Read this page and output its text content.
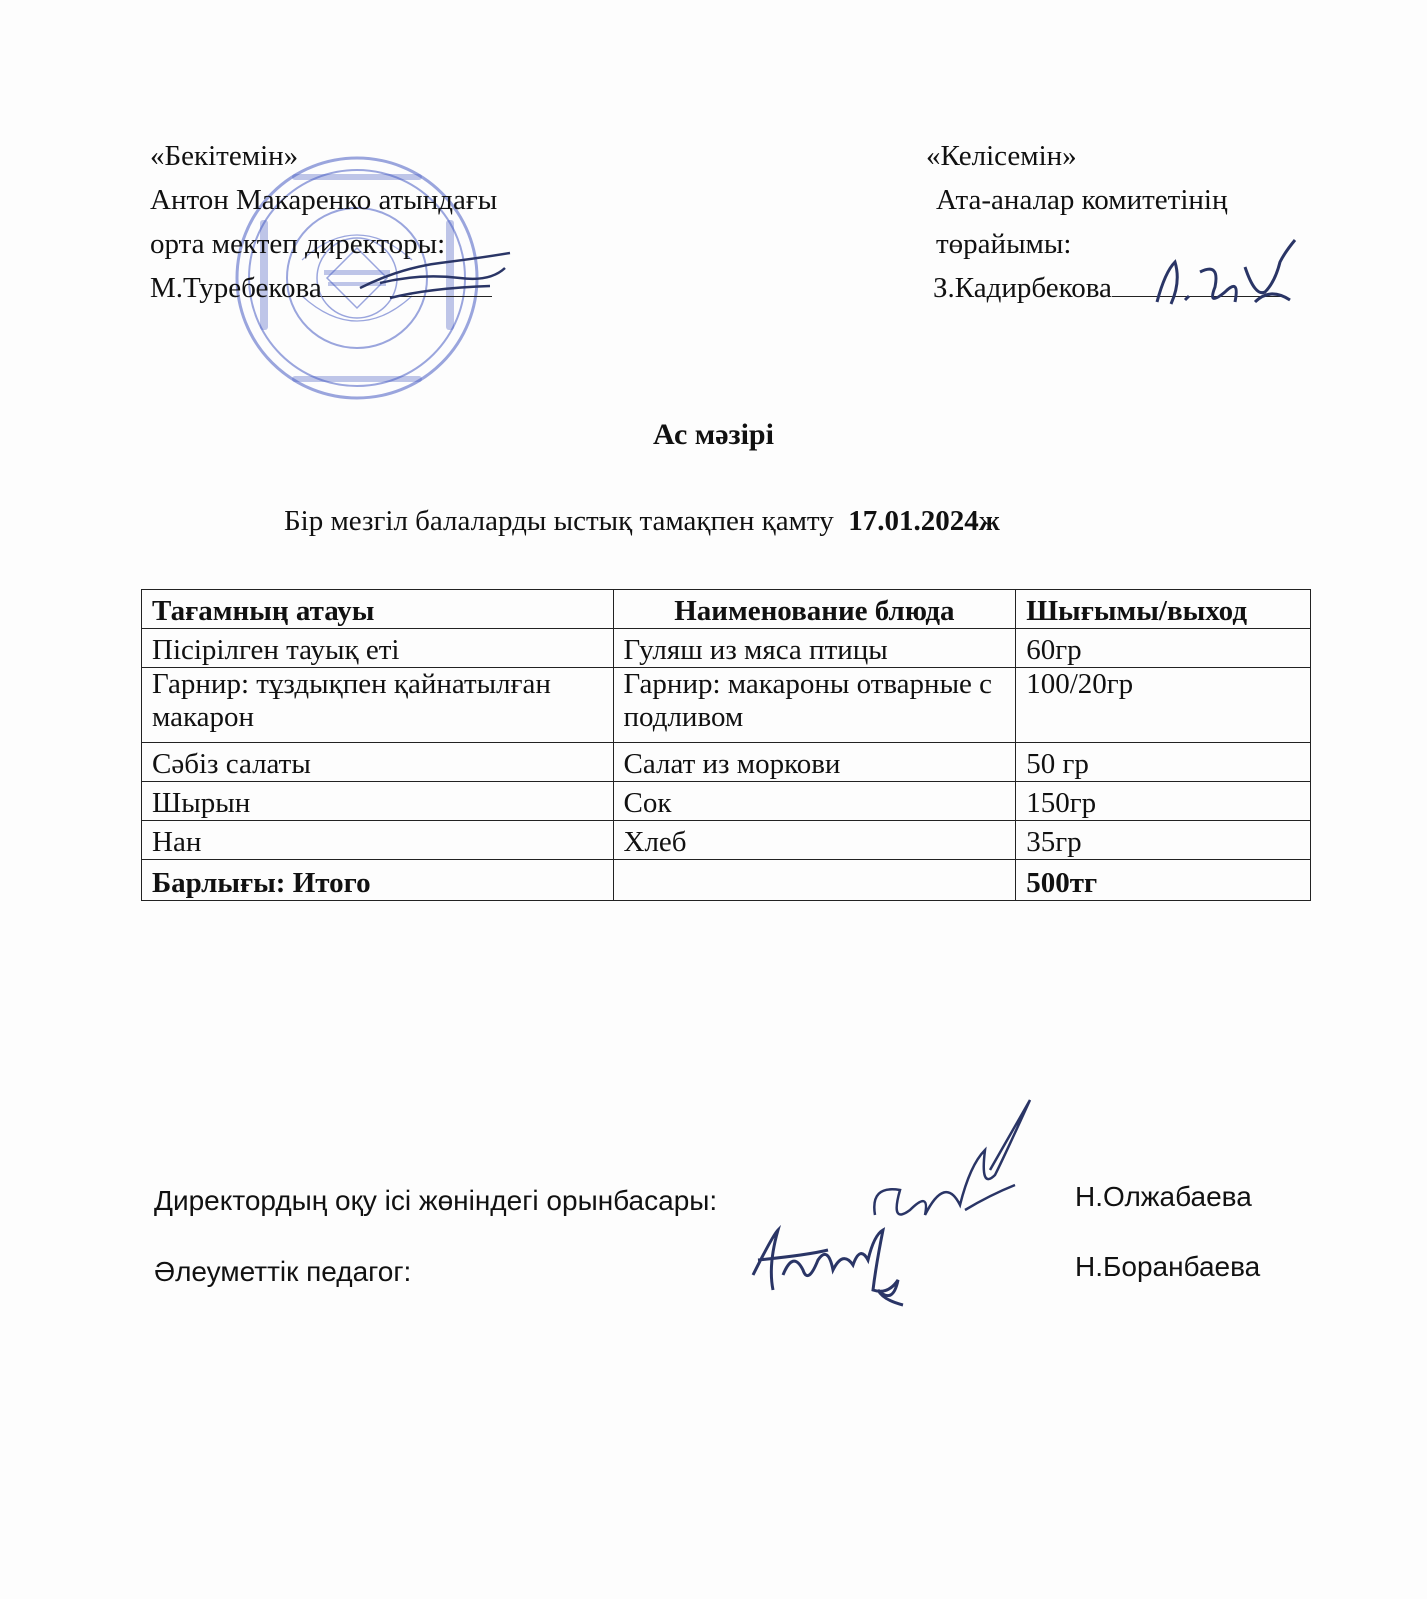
«Бекітемін»
Антон Макаренко атындағы
орта мектеп директоры:
М.Туребекова
«Келісемін»
Ата-аналар комитетінің
төрайымы:
З.Кадирбекова
Ас мәзірі
Бір мезгіл балаларды ыстық тамақпен қамту 17.01.2024ж
Тағамның атауы	Наименование блюда	Шығымы/выход
Пісірілген тауық еті	Гуляш из мяса птицы	60гр
Гарнир: тұздықпен қайнатылған макарон	Гарнир: макароны отварные с подливом	100/20гр
Сәбіз салаты	Салат из моркови	50 гр
Шырын	Сок	150гр
Нан	Хлеб	35гр
Барлығы: Итого		500тг
Директордың оқу ісі жөніндегі орынбасары:	Н.Олжабаева
Әлеуметтік педагог:	Н.Боранбаева
